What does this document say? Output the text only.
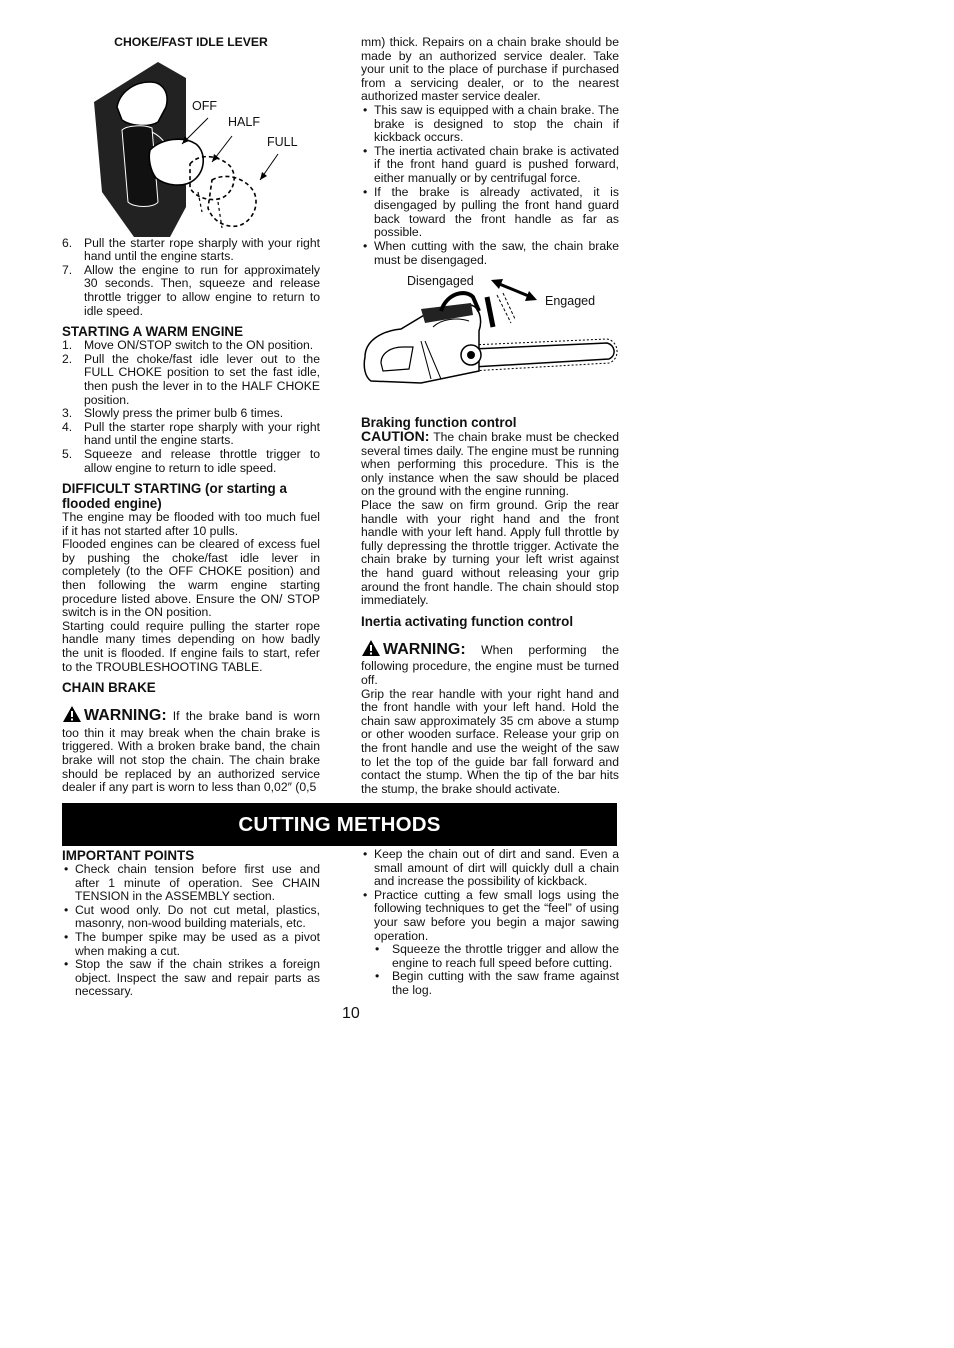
CHOKE/FAST IDLE LEVER

OFF
HALF
FULL
6. Pull the starter rope sharply with your right hand until the engine starts.
7. Allow the engine to run for approximately 30 seconds. Then, squeeze and release throttle trigger to allow engine to return to idle speed.
STARTING A WARM ENGINE
1. Move ON/STOP switch to the ON position.
2. Pull the choke/fast idle lever out to the FULL CHOKE position to set the fast idle, then push the lever in to the HALF CHOKE position.
3. Slowly press the primer bulb 6 times.
4. Pull the starter rope sharply with your right hand until the engine starts.
5. Squeeze and release throttle trigger to allow engine to return to idle speed.
DIFFICULT STARTING (or starting a flooded engine)

The engine may be flooded with too much fuel if it has not started after 10 pulls.

Flooded engines can be cleared of excess fuel by pushing the choke/fast idle lever in completely (to the OFF CHOKE position) and then following the warm engine starting procedure listed above. Ensure the ON/ STOP switch is in the ON position.

Starting could require pulling the starter rope handle many times depending on how badly the unit is flooded. If engine fails to start, refer to the TROUBLESHOOTING TABLE.

CHAIN BRAKE

WARNING: If the brake band is worn too thin it may break when the chain brake is triggered. With a broken brake band, the chain brake will not stop the chain. The chain brake should be replaced by an authorized service dealer if any part is worn to less than 0,02″ (0,5

mm) thick. Repairs on a chain brake should be made by an authorized service dealer. Take your unit to the place of purchase if purchased from a servicing dealer, or to the nearest authorized master service dealer.

• This saw is equipped with a chain brake. The brake is designed to stop the chain if kickback occurs.
• The inertia activated chain brake is activated if the front hand guard is pushed forward, either manually or by centrifugal force.
• If the brake is already activated, it is disengaged by pulling the front hand guard back toward the front handle as far as possible.
• When cutting with the saw, the chain brake must be disengaged.
Disengaged
Engaged
Braking function control

CAUTION: The chain brake must be checked several times daily. The engine must be running when performing this procedure. This is the only instance when the saw should be placed on the ground with the engine running.

Place the saw on firm ground. Grip the rear handle with your right hand and the front handle with your left hand. Apply full throttle by fully depressing the throttle trigger. Activate the chain brake by turning your left wrist against the hand guard without releasing your grip around the front handle. The chain should stop immediately.

Inertia activating function control

WARNING: When performing the following procedure, the engine must be turned off.

Grip the rear handle with your right hand and the front handle with your left hand. Hold the chain saw approximately 35 cm above a stump or other wooden surface. Release your grip on the front handle and use the weight of the saw to let the top of the guide bar fall forward and contact the stump. When the tip of the bar hits the stump, the brake should activate.

CUTTING METHODS
IMPORTANT POINTS
• Check chain tension before first use and after 1 minute of operation. See CHAIN TENSION in the ASSEMBLY section.
• Cut wood only. Do not cut metal, plastics, masonry, non-wood building materials, etc.
• The bumper spike may be used as a pivot when making a cut.
• Stop the saw if the chain strikes a foreign object. Inspect the saw and repair parts as necessary.
• Keep the chain out of dirt and sand. Even a small amount of dirt will quickly dull a chain and increase the possibility of kickback.
• Practice cutting a few small logs using the following techniques to get the “feel” of using your saw before you begin a major sawing operation.
• Squeeze the throttle trigger and allow the engine to reach full speed before cutting.
• Begin cutting with the saw frame against the log.
10
